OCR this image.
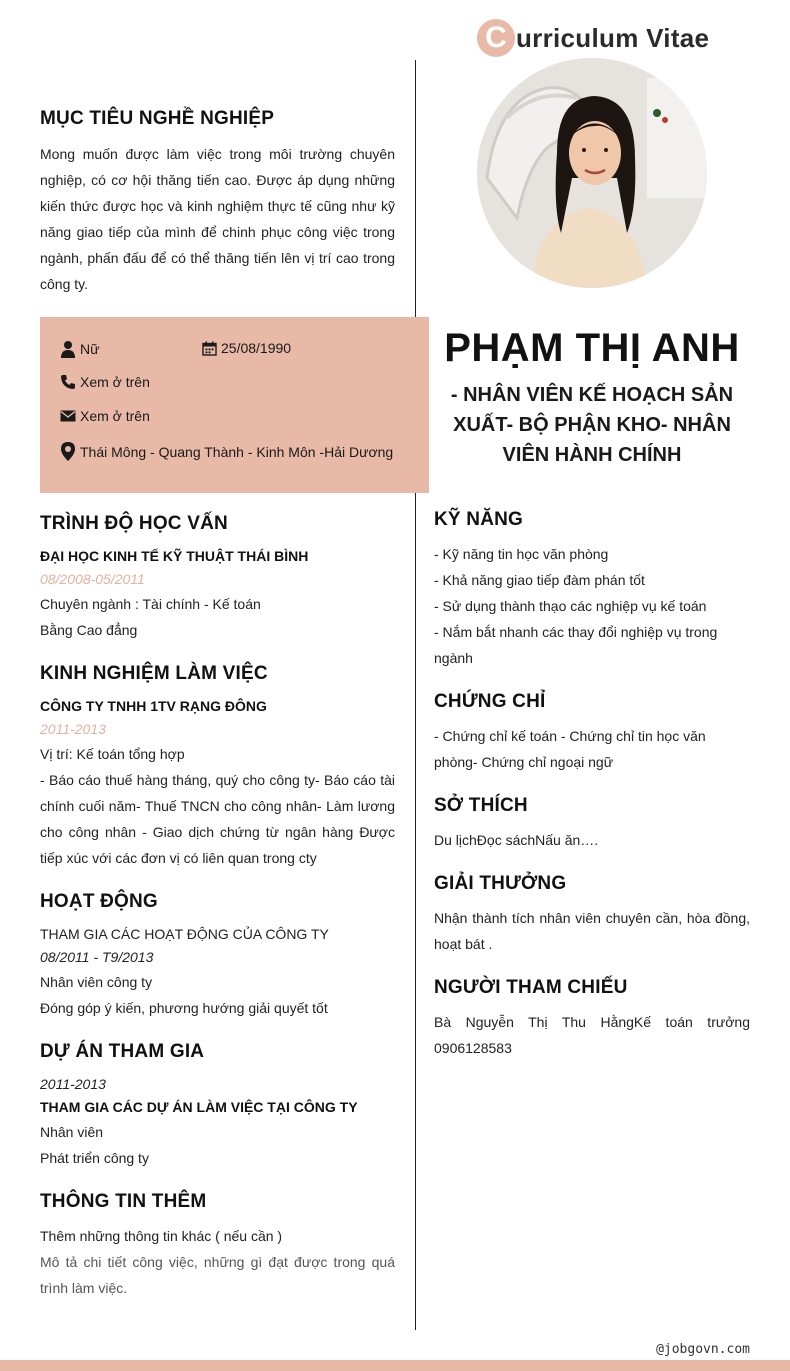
C urriculum Vitae
MỤC TIÊU NGHỀ NGHIỆP
Mong muốn được làm việc trong môi trường chuyên nghiệp, có cơ hội thăng tiến cao. Được áp dụng những kiến thức được học và kinh nghiệm thực tế cũng như kỹ năng giao tiếp của mình để chinh phục công việc trong ngành, phấn đấu để có thể thăng tiến lên vị trí cao trong công ty.
Nữ	25/08/1990
Xem ở trên
Xem ở trên
Thái Mông - Quang Thành - Kinh Môn -Hải Dương
PHẠM THỊ ANH
- NHÂN VIÊN KẾ HOẠCH SẢN XUẤT- BỘ PHẬN KHO- NHÂN VIÊN HÀNH CHÍNH
TRÌNH ĐỘ HỌC VẤN
ĐẠI HỌC KINH TẾ KỸ THUẬT THÁI BÌNH
08/2008-05/2011
Chuyên ngành : Tài chính - Kế toán
Bằng Cao đẳng
KINH NGHIỆM LÀM VIỆC
CÔNG TY TNHH 1TV RẠNG ĐÔNG
2011-2013
Vị trí: Kế toán tổng hợp
- Báo cáo thuế hàng tháng, quý cho công ty- Báo cáo tài chính cuối năm- Thuế TNCN cho công nhân- Làm lương cho công nhân - Giao dịch chứng từ ngân hàng Được tiếp xúc với các đơn vị có liên quan trong cty
HOẠT ĐỘNG
THAM GIA CÁC HOẠT ĐỘNG CỦA CÔNG TY
08/2011 - T9/2013
Nhân viên công ty
Đóng góp ý kiến, phương hướng giải quyết tốt
DỰ ÁN THAM GIA
2011-2013
THAM GIA CÁC DỰ ÁN LÀM VIỆC TẠI CÔNG TY
Nhân viên
Phát triển công ty
THÔNG TIN THÊM
Thêm những thông tin khác ( nếu cần )
Mô tả chi tiết công việc, những gì đạt được trong quá trình làm việc.
KỸ NĂNG
- Kỹ năng tin học văn phòng
- Khả năng giao tiếp đàm phán tốt
- Sử dụng thành thạo các nghiệp vụ kế toán
- Nắm bắt nhanh các thay đổi nghiệp vụ trong ngành
CHỨNG CHỈ
- Chứng chỉ kế toán - Chứng chỉ tin học văn phòng- Chứng chỉ ngoại ngữ
SỞ THÍCH
Du lịchĐọc sáchNấu ăn….
GIẢI THƯỞNG
Nhận thành tích nhân viên chuyên cần, hòa đồng, hoạt bát .
NGƯỜI THAM CHIẾU
Bà Nguyễn Thị Thu HằngKế toán trưởng 0906128583
@jobgovn.com
